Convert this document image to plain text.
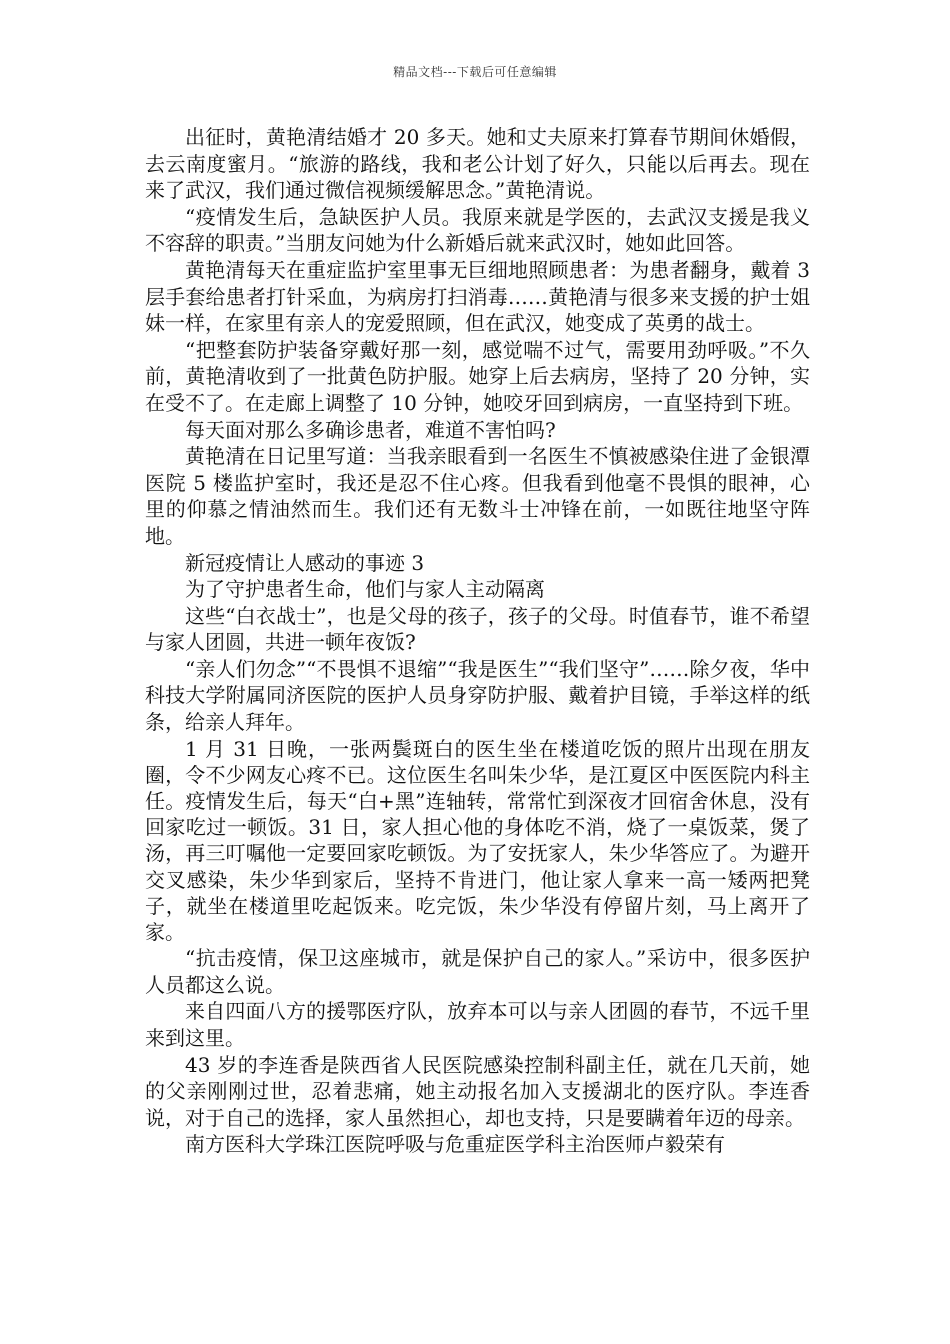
精品文档---下载后可任意编辑

出征时，黄艳清结婚才 20 多天。她和丈夫原来打算春节期间休婚假，去云南度蜜月。“旅游的路线，我和老公计划了好久，只能以后再去。现在来了武汉，我们通过微信视频缓解思念。”黄艳清说。

“疫情发生后，急缺医护人员。我原来就是学医的，去武汉支援是我义不容辞的职责。”当朋友问她为什么新婚后就来武汉时，她如此回答。

黄艳清每天在重症监护室里事无巨细地照顾患者：为患者翻身，戴着 3 层手套给患者打针采血，为病房打扫消毒……黄艳清与很多来支援的护士姐妹一样，在家里有亲人的宠爱照顾，但在武汉，她变成了英勇的战士。

“把整套防护装备穿戴好那一刻，感觉喘不过气，需要用劲呼吸。”不久前，黄艳清收到了一批黄色防护服。她穿上后去病房，坚持了 20 分钟，实在受不了。在走廊上调整了 10 分钟，她咬牙回到病房，一直坚持到下班。

每天面对那么多确诊患者，难道不害怕吗?

黄艳清在日记里写道：当我亲眼看到一名医生不慎被感染住进了金银潭医院 5 楼监护室时，我还是忍不住心疼。但我看到他毫不畏惧的眼神，心里的仰慕之情油然而生。我们还有无数斗士冲锋在前，一如既往地坚守阵地。

新冠疫情让人感动的事迹 3

为了守护患者生命，他们与家人主动隔离

这些“白衣战士”，也是父母的孩子，孩子的父母。时值春节，谁不希望与家人团圆，共进一顿年夜饭?

“亲人们勿念”“不畏惧不退缩”“我是医生”“我们坚守”……除夕夜，华中科技大学附属同济医院的医护人员身穿防护服、戴着护目镜，手举这样的纸条，给亲人拜年。

1 月 31 日晚，一张两鬓斑白的医生坐在楼道吃饭的照片出现在朋友圈，令不少网友心疼不已。这位医生名叫朱少华，是江夏区中医医院内科主任。疫情发生后，每天“白+黑”连轴转，常常忙到深夜才回宿舍休息，没有回家吃过一顿饭。31 日，家人担心他的身体吃不消，烧了一桌饭菜，煲了汤，再三叮嘱他一定要回家吃顿饭。为了安抚家人，朱少华答应了。为避开交叉感染，朱少华到家后，坚持不肯进门，他让家人拿来一高一矮两把凳子，就坐在楼道里吃起饭来。吃完饭，朱少华没有停留片刻，马上离开了家。

“抗击疫情，保卫这座城市，就是保护自己的家人。”采访中，很多医护人员都这么说。

来自四面八方的援鄂医疗队，放弃本可以与亲人团圆的春节，不远千里来到这里。

43 岁的李连香是陕西省人民医院感染控制科副主任，就在几天前，她的父亲刚刚过世，忍着悲痛，她主动报名加入支援湖北的医疗队。李连香说，对于自己的选择，家人虽然担心，却也支持，只是要瞒着年迈的母亲。

南方医科大学珠江医院呼吸与危重症医学科主治医师卢毅荣有
